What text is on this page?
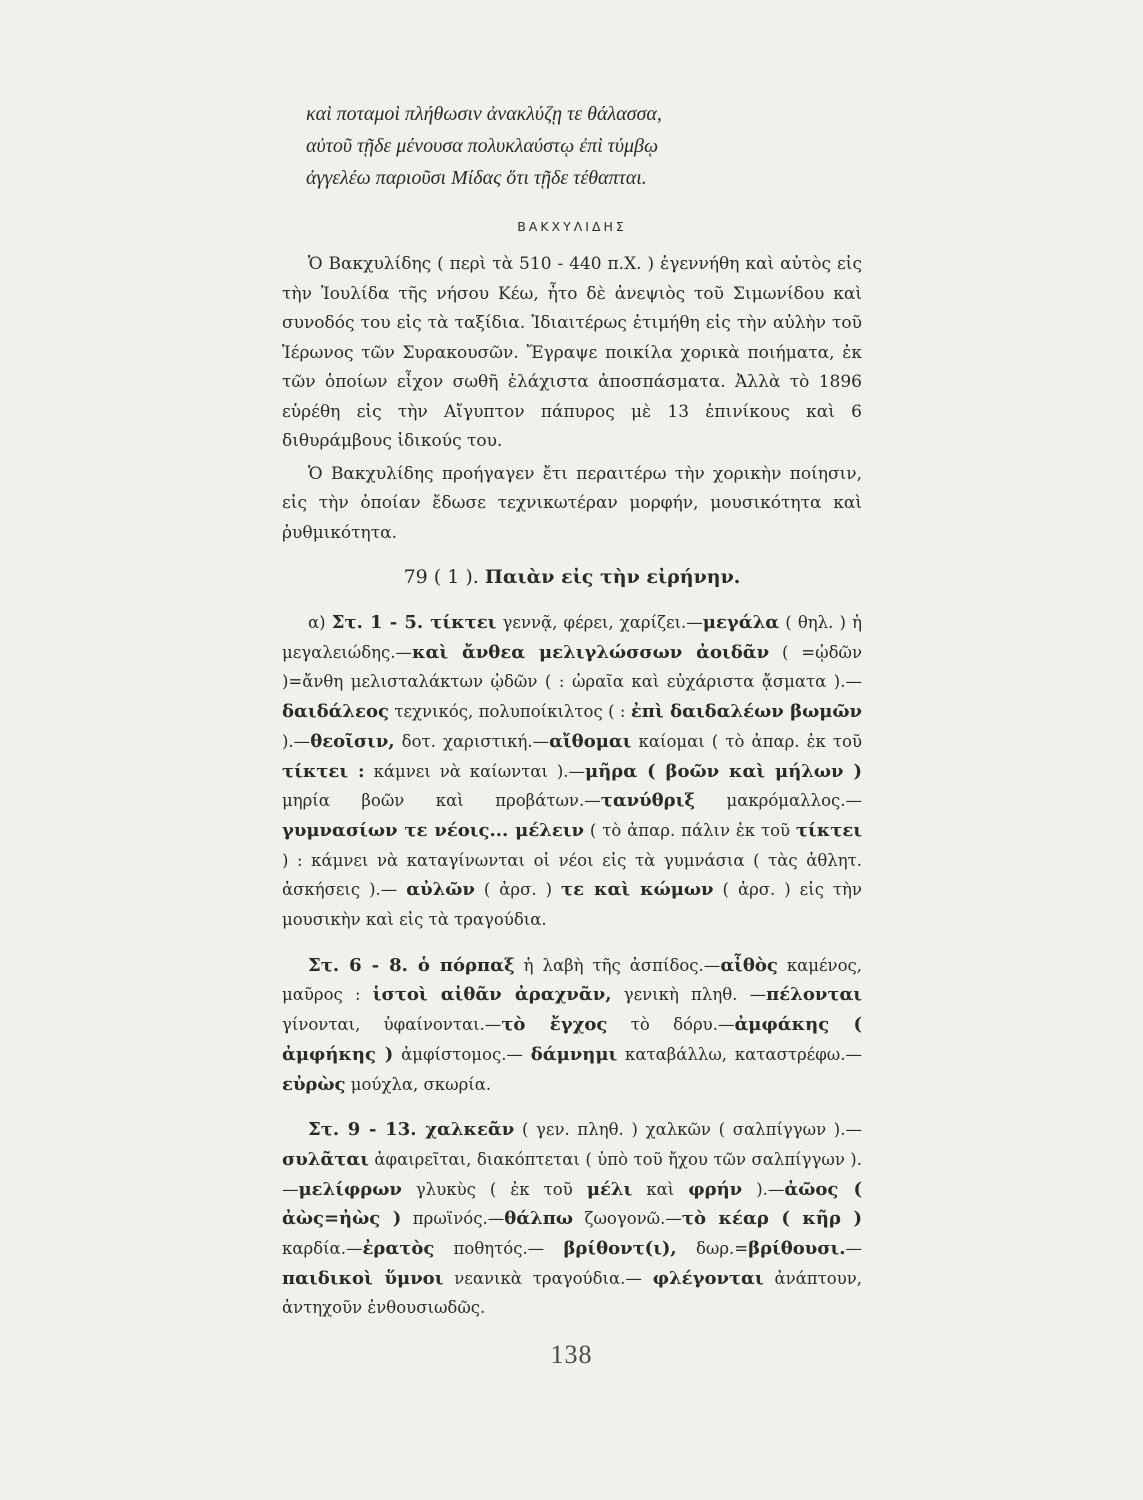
καὶ ποταμοὶ πλήθωσιν ἀνακλύζῃ τε θάλασσα,
αὐτοῦ τῇδε μένουσα πολυκλαύστῳ ἐπὶ τύμβῳ
ἀγγελέω παριοῦσι Μίδας ὅτι τῇδε τέθαπται.
ΒΑΚΧΥΛΙΔΗΣ

Ὁ Βακχυλίδης ( περὶ τὰ 510 - 440 π.Χ. ) ἐγεννήθη καὶ αὐτὸς εἰς τὴν Ἰουλίδα τῆς νήσου Κέω, ἦτο δὲ ἀνεψιὸς τοῦ Σιμωνίδου καὶ συνοδός του εἰς τὰ ταξίδια. Ἰδιαιτέρως ἐτιμήθη εἰς τὴν αὐλὴν τοῦ Ἱέρωνος τῶν Συρακουσῶν. Ἔγραψε ποικίλα χορικὰ ποιήματα, ἐκ τῶν ὁποίων εἶχον σωθῆ ἐλάχιστα ἀποσπάσματα. Ἀλλὰ τὸ 1896 εὑρέθη εἰς τὴν Αἴγυπτον πάπυρος μὲ 13 ἐπινίκους καὶ 6 διθυράμβους ἰδικούς του.

Ὁ Βακχυλίδης προήγαγεν ἔτι περαιτέρω τὴν χορικὴν ποίησιν, εἰς τὴν ὁποίαν ἔδωσε τεχνικωτέραν μορφήν, μουσικότητα καὶ ῥυθμικότητα.

79 ( 1 ). Παιὰν εἰς τὴν εἰρήνην.

α) Στ. 1 - 5. τίκτει γεννᾷ, φέρει, χαρίζει.—μεγάλα ( θηλ. ) ἡ μεγαλειώδης.—καὶ ἄνθεα μελιγλώσσων ἀοιδᾶν ( =ᾠδῶν )=ἄνθη μελισταλάκτων ᾠδῶν ( : ὡραῖα καὶ εὐχάριστα ᾄσματα ).—δαιδάλεος τεχνικός, πολυποίκιλτος ( : ἐπὶ δαιδαλέων βωμῶν ).—θεοῖσιν, δοτ. χαριστική.—αἴθομαι καίομαι ( τὸ ἀπαρ. ἐκ τοῦ τίκτει : κάμνει νὰ καίωνται ).—μῆρα ( βοῶν καὶ μήλων ) μηρία βοῶν καὶ προβάτων.—τανύθριξ μακρόμαλλος.— γυμνασίων τε νέοις... μέλειν ( τὸ ἀπαρ. πάλιν ἐκ τοῦ τίκτει ) : κάμνει νὰ καταγίνωνται οἱ νέοι εἰς τὰ γυμνάσια ( τὰς ἀθλητ. ἀσκήσεις ).— αὐλῶν ( ἀρσ. ) τε καὶ κώμων ( ἀρσ. ) εἰς τὴν μουσικὴν καὶ εἰς τὰ τραγούδια.

Στ. 6 - 8. ὁ πόρπαξ ἡ λαβὴ τῆς ἀσπίδος.—αἶθὸς καμένος, μαῦρος : ἱστοὶ αἰθᾶν ἀραχνᾶν, γενικὴ πληθ. —πέλονται γίνονται, ὑφαίνονται.—τὸ ἔγχος τὸ δόρυ.—ἀμφάκης ( ἀμφήκης ) ἀμφίστομος.— δάμνημι καταβάλλω, καταστρέφω.—εὐρὼς μούχλα, σκωρία.

Στ. 9 - 13. χαλκεᾶν ( γεν. πληθ. ) χαλκῶν ( σαλπίγγων ).—συλᾶται ἀφαιρεῖται, διακόπτεται ( ὑπὸ τοῦ ἤχου τῶν σαλπίγγων ).—μελίφρων γλυκὺς ( ἐκ τοῦ μέλι καὶ φρήν ).—ἀῶος ( ἀὼς=ἠὼς ) πρωϊνός.—θάλπω ζωογονῶ.—τὸ κέαρ ( κῆρ ) καρδία.—ἐρατὸς ποθητός.— βρίθοντ(ι), δωρ.=βρίθουσι.—παιδικοὶ ὕμνοι νεανικὰ τραγούδια.— φλέγονται ἀνάπτουν, ἀντηχοῦν ἐνθουσιωδῶς.

138
